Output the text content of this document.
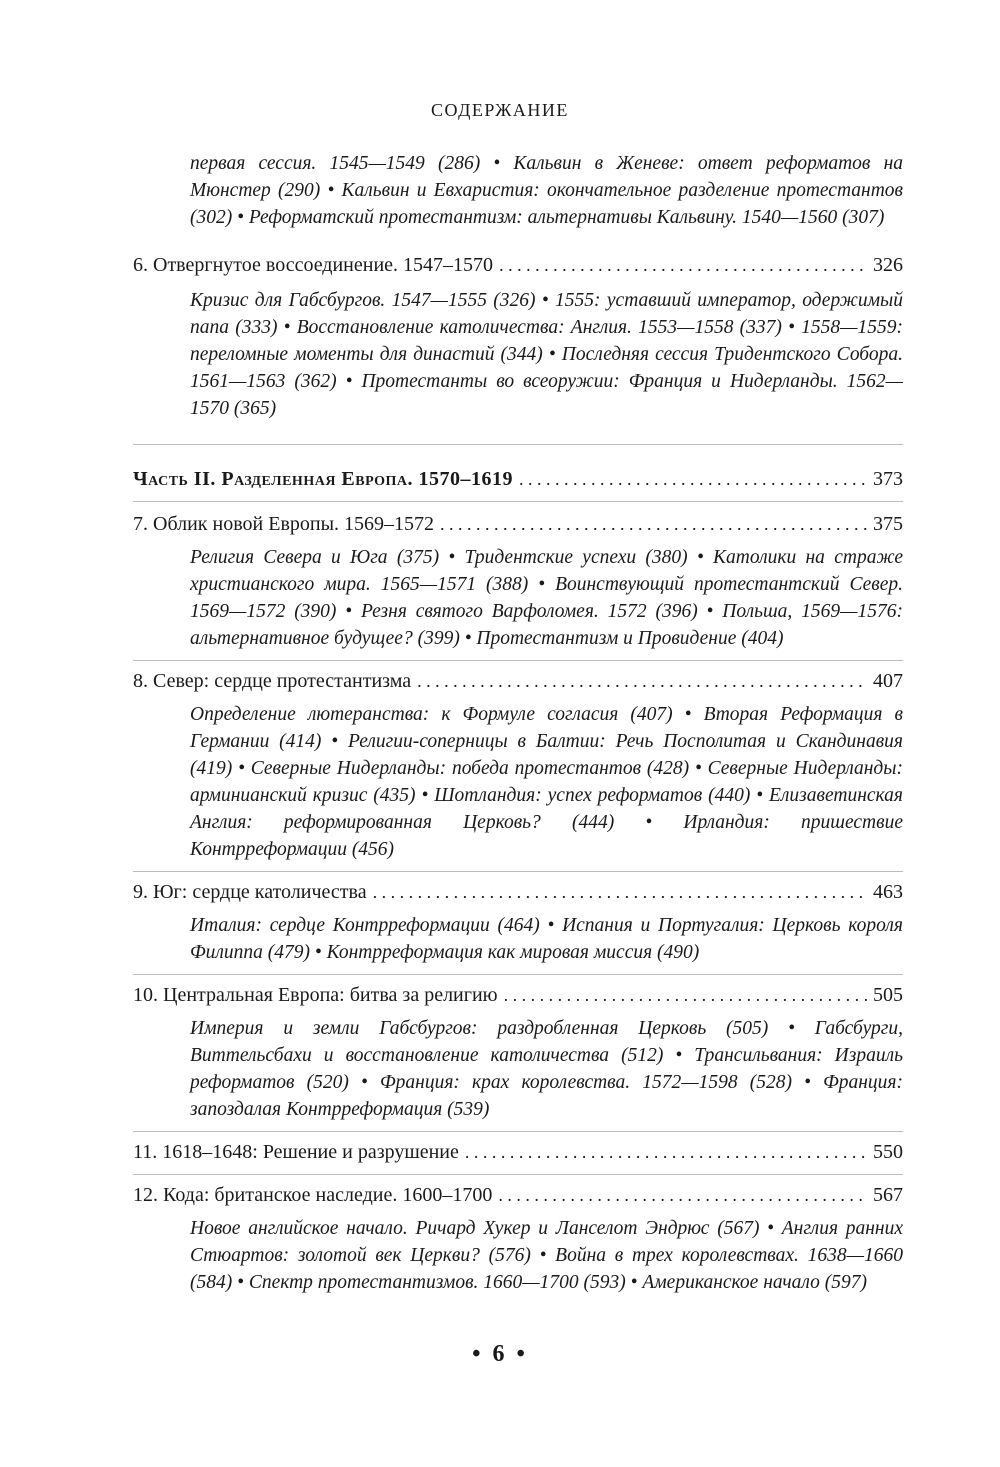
СОДЕРЖАНИЕ

первая сессия. 1545—1549 (286) • Кальвин в Женеве: ответ реформатов на Мюнстер (290) • Кальвин и Евхаристия: окончательное разделение протестантов (302) • Реформатский протестантизм: альтернативы Кальвину. 1540—1560 (307)

6. Отвергнутое воссоединение. 1547–1570 . . .	326

Кризис для Габсбургов. 1547—1555 (326) • 1555: уставший император, одержимый папа (333) • Восстановление католичества: Англия. 1553—1558 (337) • 1558—1559: переломные моменты для династий (344) • Последняя сессия Тридентского Собора. 1561—1563 (362) • Протестанты во всеоружии: Франция и Нидерланды. 1562—1570 (365)

Часть II. Разделенная Европа. 1570–1619 . . .	373
7. Облик новой Европы. 1569–1572 . . .	375

Религия Севера и Юга (375) • Тридентские успехи (380) • Католики на страже христианского мира. 1565—1571 (388) • Воинствующий протестантский Север. 1569—1572 (390) • Резня святого Варфоломея. 1572 (396) • Польша, 1569—1576: альтернативное будущее? (399) • Протестантизм и Провидение (404)

8. Север: сердце протестантизма . . .	407

Определение лютеранства: к Формуле согласия (407) • Вторая Реформация в Германии (414) • Религии-соперницы в Балтии: Речь Посполитая и Скандинавия (419) • Северные Нидерланды: победа протестантов (428) • Северные Нидерланды: арминианский кризис (435) • Шотландия: успех реформатов (440) • Елизаветинская Англия: реформированная Церковь? (444) • Ирландия: пришествие Контрреформации (456)

9. Юг: сердце католичества . . .	463

Италия: сердце Контрреформации (464) • Испания и Португалия: Церковь короля Филиппа (479) • Контрреформация как мировая миссия (490)

10. Центральная Европа: битва за религию . . .	505

Империя и земли Габсбургов: раздробленная Церковь (505) • Габсбурги, Виттельсбахи и восстановление католичества (512) • Трансильвания: Израиль реформатов (520) • Франция: крах королевства. 1572—1598 (528) • Франция: запоздалая Контрреформация (539)

11. 1618–1648: Решение и разрушение . . .	550
12. Кода: британское наследие. 1600–1700 . . .	567

Новое английское начало. Ричард Хукер и Ланселот Эндрюс (567) • Англия ранних Стюартов: золотой век Церкви? (576) • Война в трех королевствах. 1638—1660 (584) • Спектр протестантизмов. 1660—1700 (593) • Американское начало (597)

• 6 •
